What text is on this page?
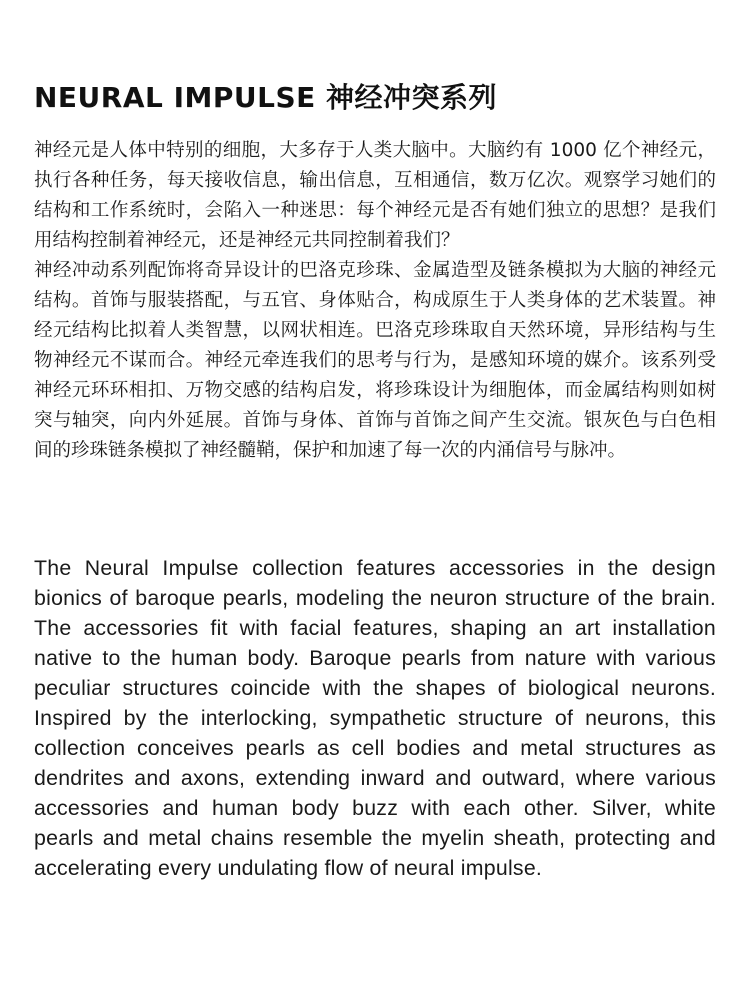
NEURAL IMPULSE 神经冲突系列

神经元是人体中特别的细胞，大多存于人类大脑中。大脑约有 1000 亿个神经元，执行各种任务，每天接收信息，输出信息，互相通信，数万亿次。观察学习她们的结构和工作系统时，会陷入一种迷思：每个神经元是否有她们独立的思想？是我们用结构控制着神经元，还是神经元共同控制着我们？

神经冲动系列配饰将奇异设计的巴洛克珍珠、金属造型及链条模拟为大脑的神经元结构。首饰与服装搭配，与五官、身体贴合，构成原生于人类身体的艺术装置。神经元结构比拟着人类智慧，以网状相连。巴洛克珍珠取自天然环境，异形结构与生物神经元不谋而合。神经元牵连我们的思考与行为，是感知环境的媒介。该系列受神经元环环相扣、万物交感的结构启发，将珍珠设计为细胞体，而金属结构则如树突与轴突，向内外延展。首饰与身体、首饰与首饰之间产生交流。银灰色与白色相间的珍珠链条模拟了神经髓鞘，保护和加速了每一次的内涌信号与脉冲。

The Neural Impulse collection features accessories in the design bionics of baroque pearls, modeling the neuron structure of the brain. The accessories fit with facial features, shaping an art installation native to the human body. Baroque pearls from nature with various peculiar structures coincide with the shapes of biological neurons. Inspired by the interlocking, sympathetic structure of neurons, this collection conceives pearls as cell bodies and metal structures as dendrites and axons, extending inward and outward, where various accessories and human body buzz with each other. Silver, white pearls and metal chains resemble the myelin sheath, protecting and accelerating every undulating flow of neural impulse.
